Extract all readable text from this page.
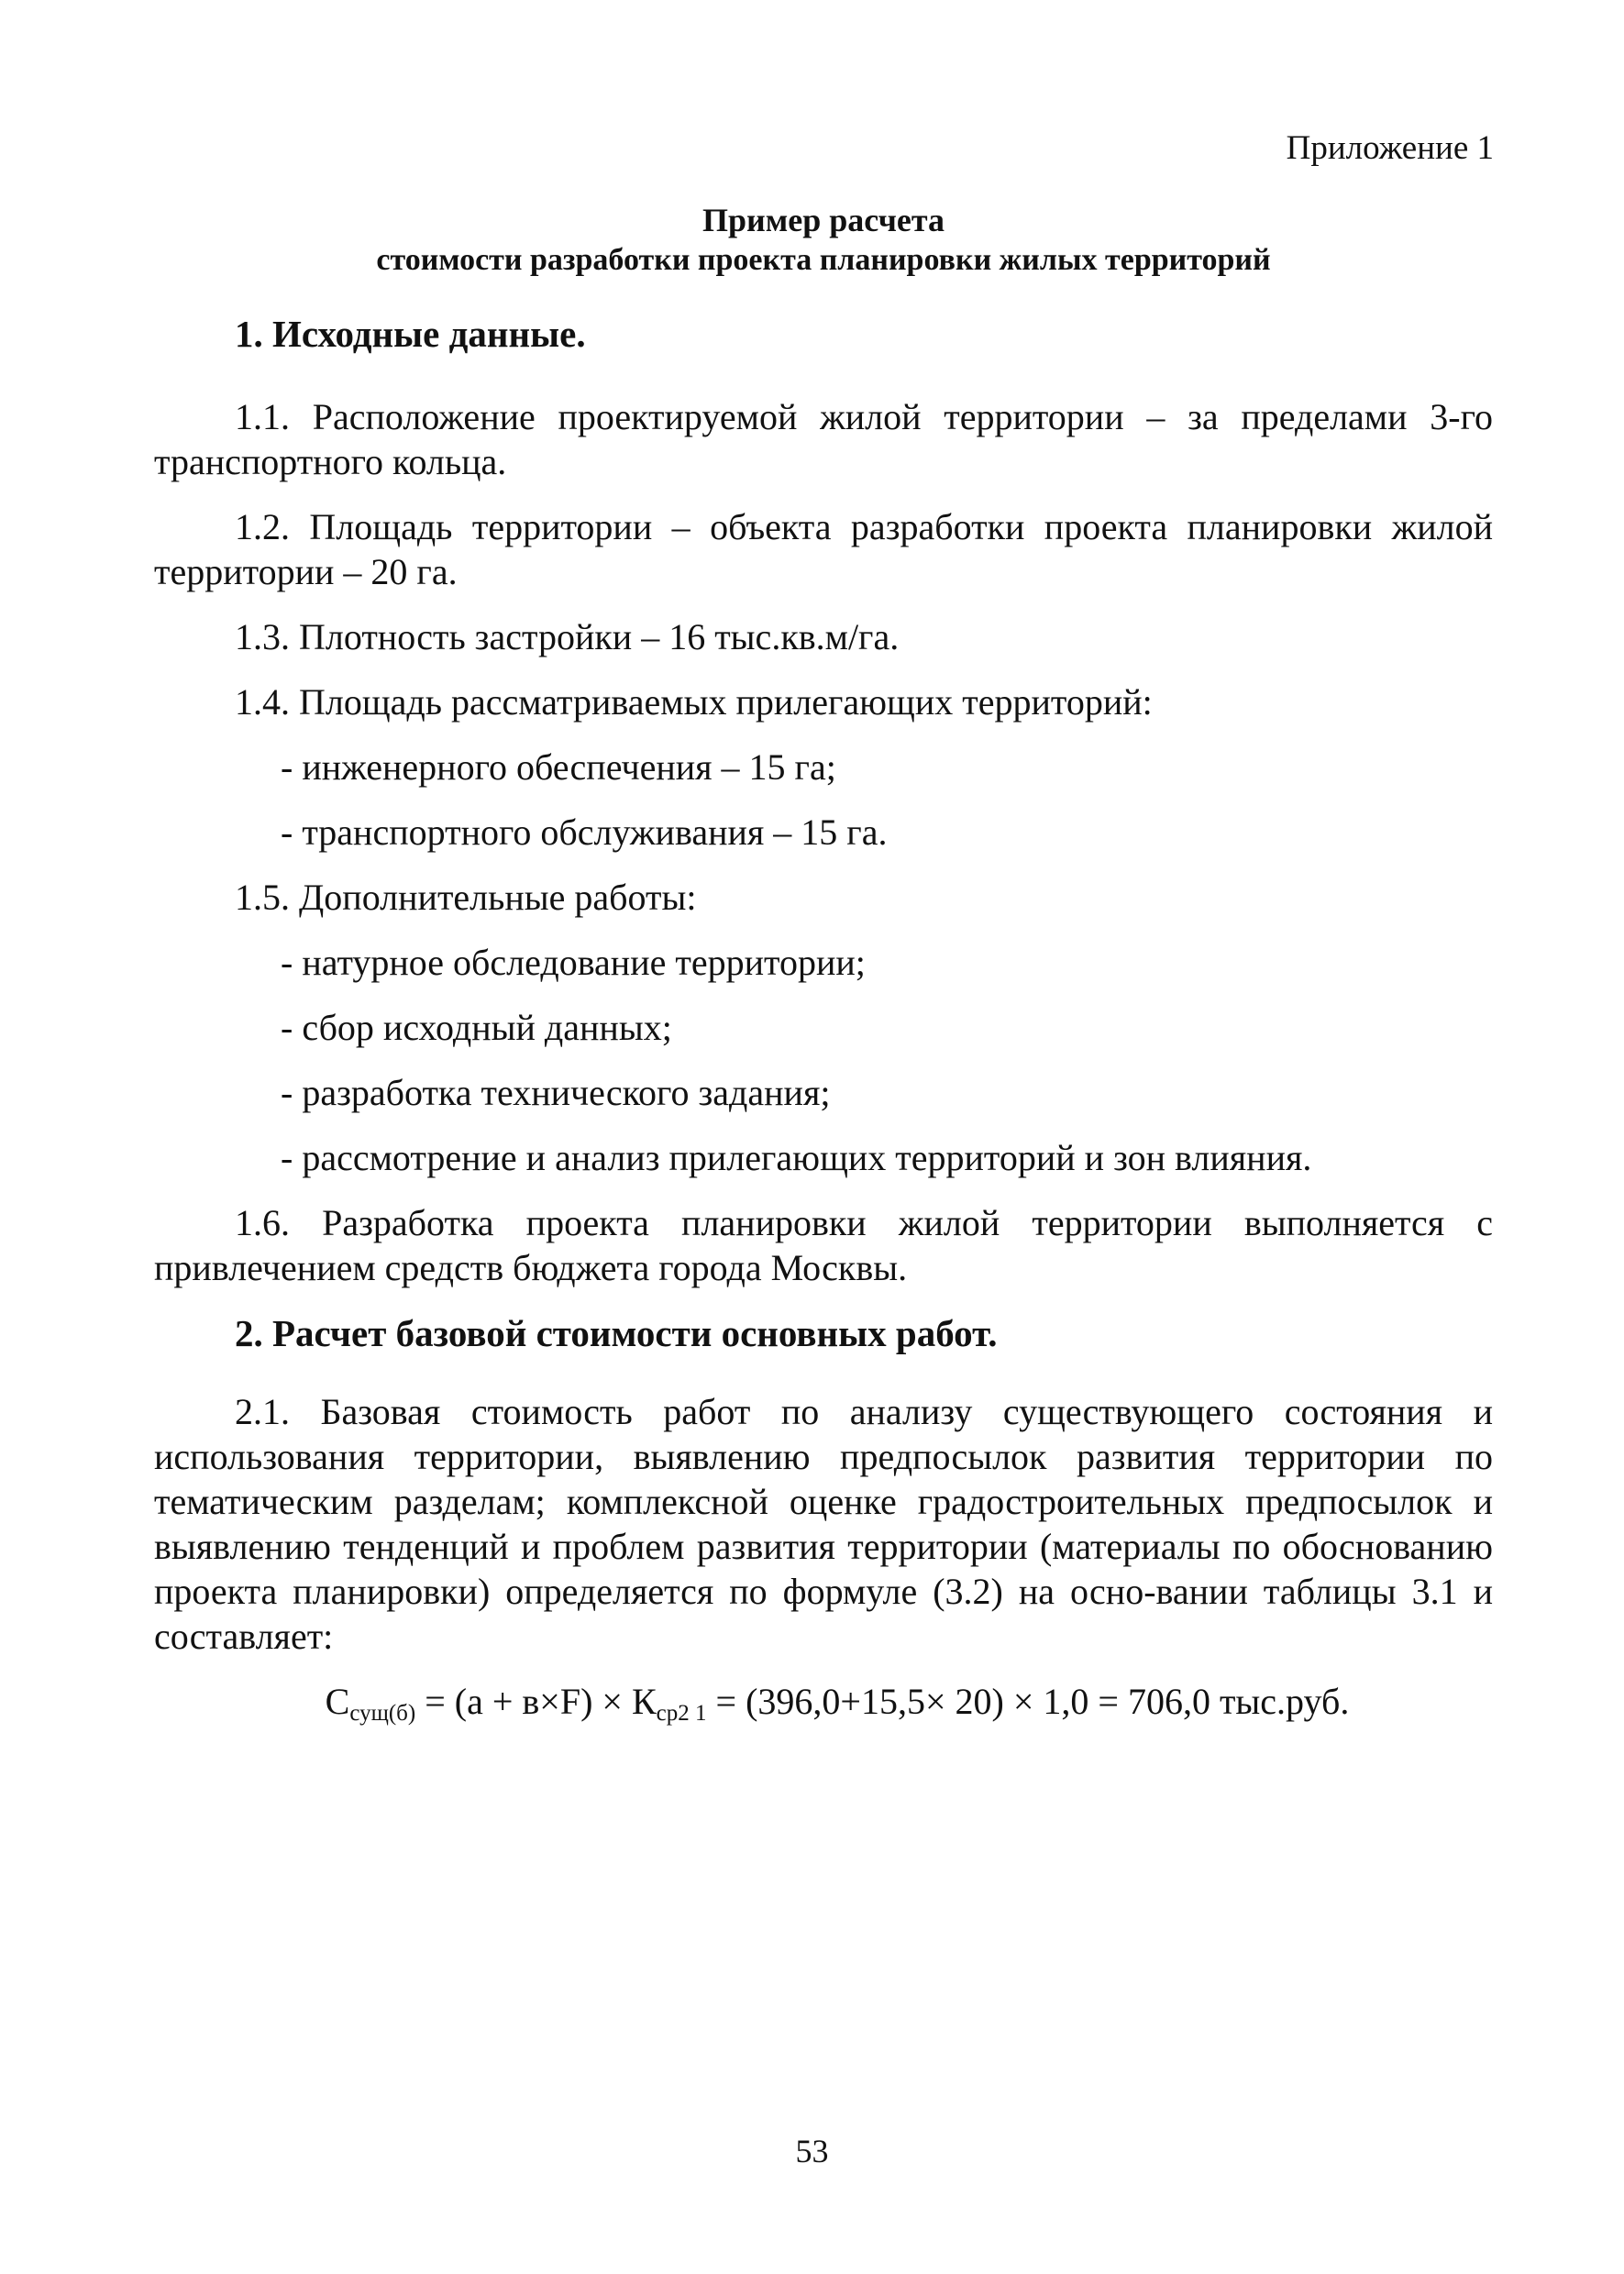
Приложение 1
Пример расчета
стоимости разработки проекта планировки жилых территорий
1. Исходные данные.

1.1. Расположение проектируемой жилой территории – за пределами 3-го транспортного кольца.

1.2. Площадь территории – объекта разработки проекта планировки жилой территории – 20 га.

1.3. Плотность застройки – 16 тыс.кв.м/га.

1.4. Площадь рассматриваемых прилегающих территорий:

- инженерного обеспечения – 15 га;
- транспортного обслуживания – 15 га.

1.5. Дополнительные работы:

- натурное обследование территории;
- сбор исходный данных;
- разработка технического задания;
- рассмотрение и анализ прилегающих территорий и зон влияния.

1.6. Разработка проекта планировки жилой территории выполняется с привлечением средств бюджета города Москвы.

2. Расчет базовой стоимости основных работ.

2.1. Базовая стоимость работ по анализу существующего состояния и использования территории, выявлению предпосылок развития территории по тематическим разделам; комплексной оценке градостроительных предпосылок и выявлению тенденций и проблем развития территории (материалы по обоснованию проекта планировки) определяется по формуле (3.2) на осно-вании таблицы 3.1 и составляет:

$С_{сущ(б)} = (а + в\times F) \times К_{ср2 1} = (396,0+15,5\times 20) \times 1,0 = 706,0$ тыс.руб.
53
